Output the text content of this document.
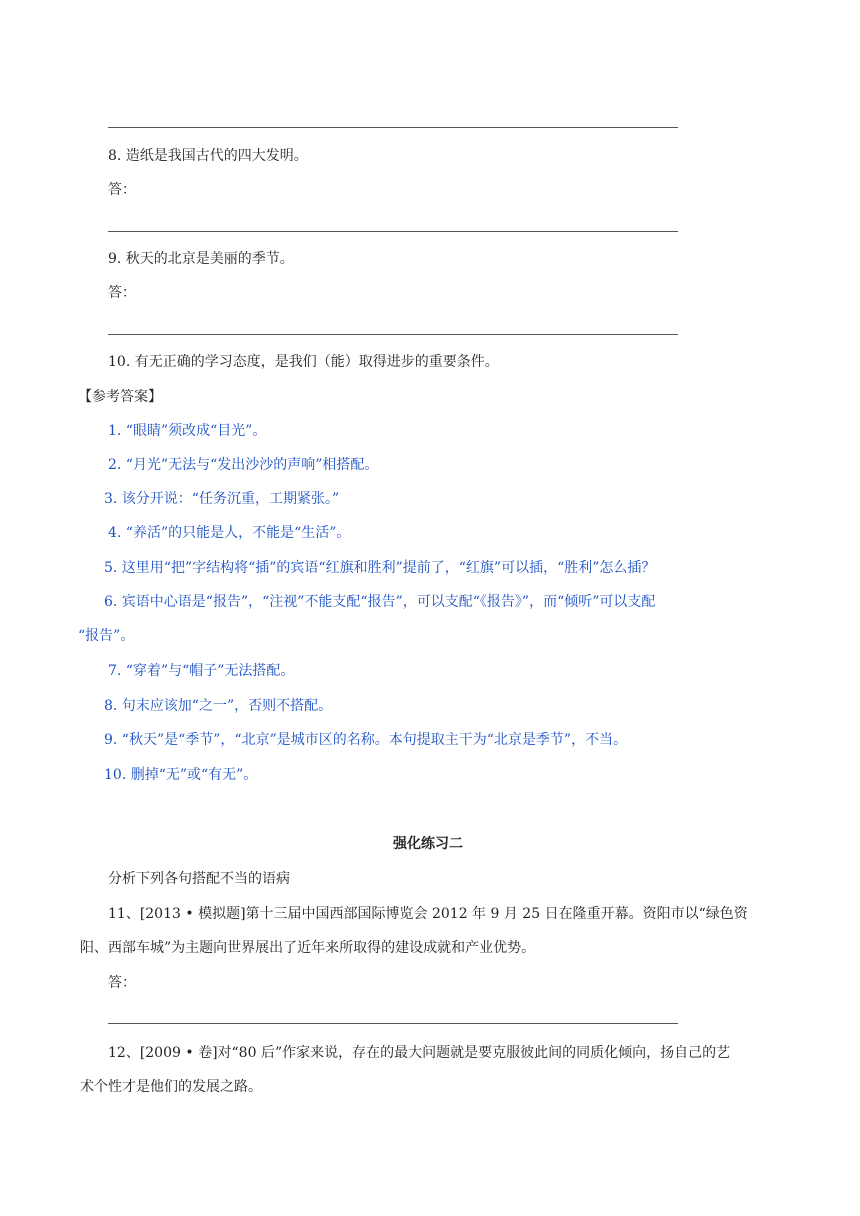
8. 造纸是我国古代的四大发明。
答：
9. 秋天的北京是美丽的季节。
答：
10. 有无正确的学习态度，是我们（能）取得进步的重要条件。
【参考答案】
1. “眼睛”须改成“目光”。
2. “月光”无法与“发出沙沙的声响”相搭配。
3. 该分开说：“任务沉重，工期紧张。”
4. “养活”的只能是人，不能是“生活”。
5. 这里用“把”字结构将“插”的宾语“红旗和胜利”提前了，“红旗”可以插，“胜利”怎么插？
6. 宾语中心语是“报告”，“注视”不能支配“报告”，可以支配“《报告》”，而“倾听”可以支配
“报告”。
7. “穿着”与“帽子”无法搭配。
8. 句末应该加“之一”，否则不搭配。
9. “秋天”是“季节”，“北京”是城市区的名称。本句提取主干为“北京是季节”，不当。
10. 删掉“无”或“有无”。
强化练习二
分析下列各句搭配不当的语病
11、[2013 • 模拟题]第十三届中国西部国际博览会 2012 年 9 月 25 日在隆重开幕。资阳市以“绿色资
阳、西部车城”为主题向世界展出了近年来所取得的建设成就和产业优势。
答：
12、[2009 • 卷]对“80 后”作家来说，存在的最大问题就是要克服彼此间的同质化倾向，扬自己的艺
术个性才是他们的发展之路。
